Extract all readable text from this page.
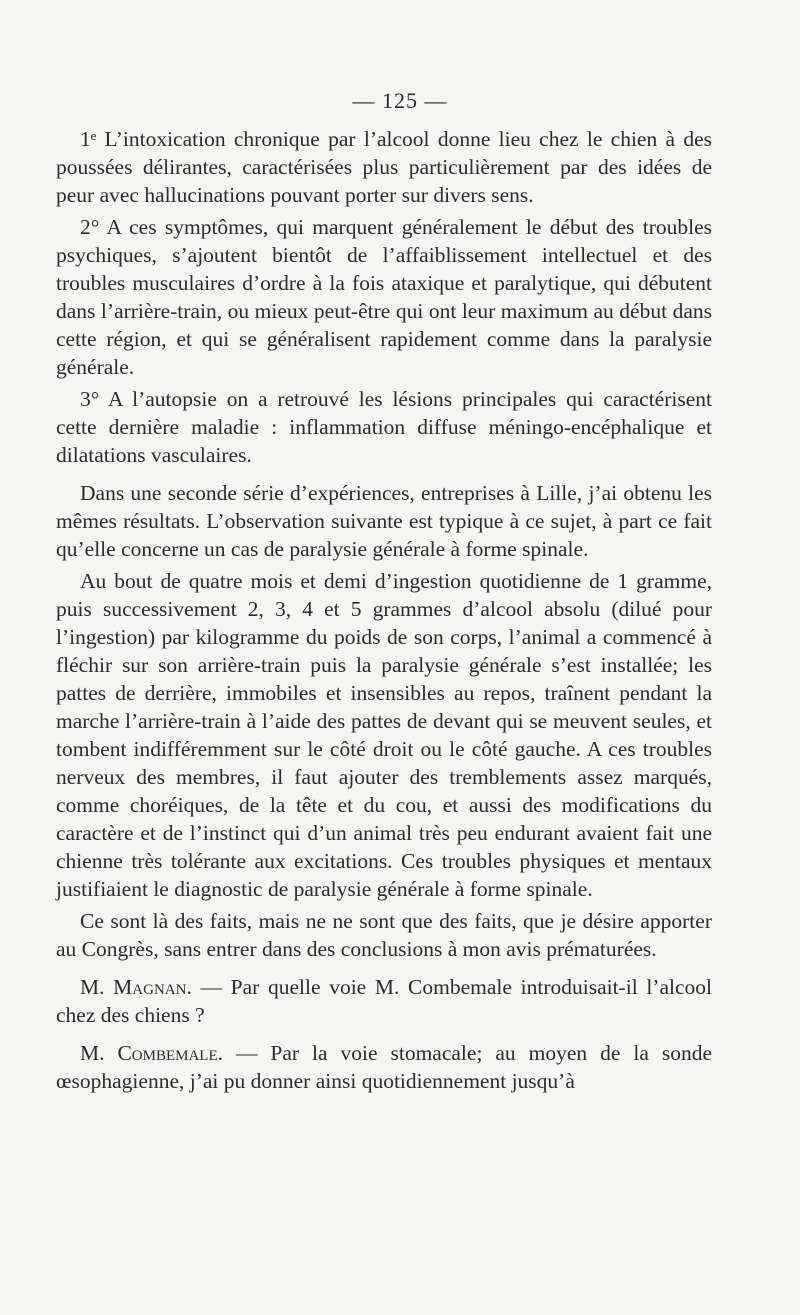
— 125 —

1ᵉ L’intoxication chronique par l’alcool donne lieu chez le chien à des poussées délirantes, caractérisées plus particulièrement par des idées de peur avec hallucinations pouvant porter sur divers sens.

2° A ces symptômes, qui marquent généralement le début des troubles psychiques, s’ajoutent bientôt de l’affaiblissement intellectuel et des troubles musculaires d’ordre à la fois ataxique et paralytique, qui débutent dans l’arrière-train, ou mieux peut-être qui ont leur maximum au début dans cette région, et qui se généralisent rapidement comme dans la paralysie générale.

3° A l’autopsie on a retrouvé les lésions principales qui caractérisent cette dernière maladie : inflammation diffuse méningo-encéphalique et dilatations vasculaires.

Dans une seconde série d’expériences, entreprises à Lille, j’ai obtenu les mêmes résultats. L’observation suivante est typique à ce sujet, à part ce fait qu’elle concerne un cas de paralysie générale à forme spinale.

Au bout de quatre mois et demi d’ingestion quotidienne de 1 gramme, puis successivement 2, 3, 4 et 5 grammes d’alcool absolu (dilué pour l’ingestion) par kilogramme du poids de son corps, l’animal a commencé à fléchir sur son arrière-train puis la paralysie générale s’est installée; les pattes de derrière, immobiles et insensibles au repos, traînent pendant la marche l’arrière-train à l’aide des pattes de devant qui se meuvent seules, et tombent indifféremment sur le côté droit ou le côté gauche. A ces troubles nerveux des membres, il faut ajouter des tremblements assez marqués, comme choréiques, de la tête et du cou, et aussi des modifications du caractère et de l’instinct qui d’un animal très peu endurant avaient fait une chienne très tolérante aux excitations. Ces troubles physiques et mentaux justifiaient le diagnostic de paralysie générale à forme spinale.

Ce sont là des faits, mais ne ne sont que des faits, que je désire apporter au Congrès, sans entrer dans des conclusions à mon avis prématurées.

M. Magnan. — Par quelle voie M. Combemale introduisait-il l’alcool chez des chiens ?

M. Combemale. — Par la voie stomacale; au moyen de la sonde œsophagienne, j’ai pu donner ainsi quotidiennement jusqu’à
